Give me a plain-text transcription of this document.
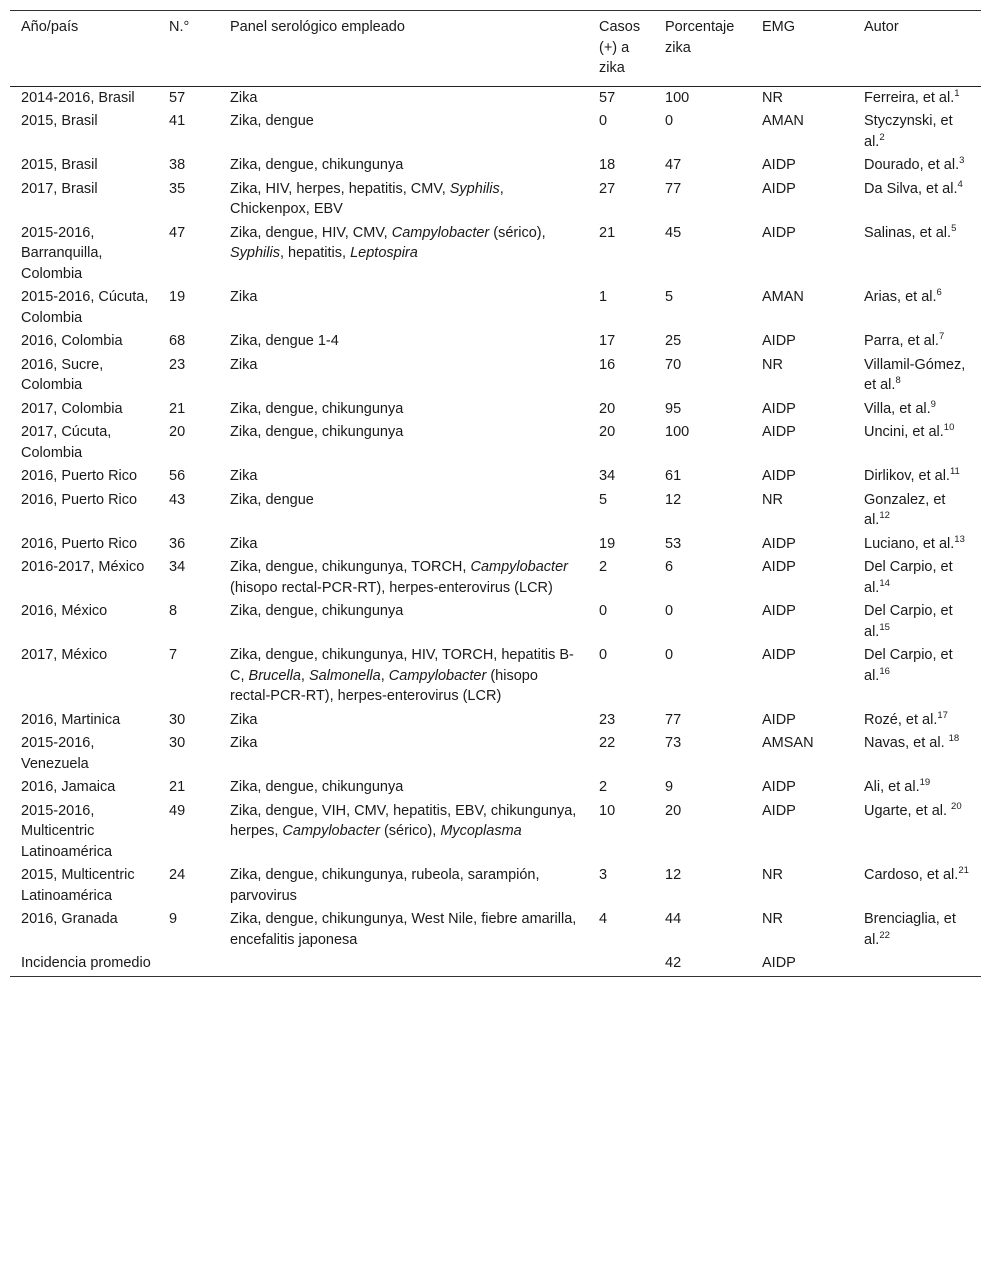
Año/país	N.°	Panel serológico empleado	Casos (+) a zika	Porcentaje zika	EMG	Autor
2014-2016, Brasil	57	Zika	57	100	NR	Ferreira, et al.$^1$
2015, Brasil	41	Zika, dengue	0	0	AMAN	Styczynski, et al.$^2$
2015, Brasil	38	Zika, dengue, chikungunya	18	47	AIDP	Dourado, et al.$^3$
2017, Brasil	35	Zika, HIV, herpes, hepatitis, CMV, Syphilis, Chickenpox, EBV	27	77	AIDP	Da Silva, et al.$^4$
2015-2016, Barranquilla, Colombia	47	Zika, dengue, HIV, CMV, Campylobacter (sérico), Syphilis, hepatitis, Leptospira	21	45	AIDP	Salinas, et al.$^5$
2015-2016, Cúcuta, Colombia	19	Zika	1	5	AMAN	Arias, et al.$^6$
2016, Colombia	68	Zika, dengue 1-4	17	25	AIDP	Parra, et al.$^7$
2016, Sucre, Colombia	23	Zika	16	70	NR	Villamil-Gómez, et al.$^8$
2017, Colombia	21	Zika, dengue, chikungunya	20	95	AIDP	Villa, et al.$^9$
2017, Cúcuta, Colombia	20	Zika, dengue, chikungunya	20	100	AIDP	Uncini, et al.$^{10}$
2016, Puerto Rico	56	Zika	34	61	AIDP	Dirlikov, et al.$^{11}$
2016, Puerto Rico	43	Zika, dengue	5	12	NR	Gonzalez, et al.$^{12}$
2016, Puerto Rico	36	Zika	19	53	AIDP	Luciano, et al.$^{13}$
2016-2017, México	34	Zika, dengue, chikungunya, TORCH, Campylobacter (hisopo rectal-PCR-RT), herpes-enterovirus (LCR)	2	6	AIDP	Del Carpio, et al.$^{14}$
2016, México	8	Zika, dengue, chikungunya	0	0	AIDP	Del Carpio, et al.$^{15}$
2017, México	7	Zika, dengue, chikungunya, HIV, TORCH, hepatitis B-C, Brucella, Salmonella, Campylobacter (hisopo rectal-PCR-RT), herpes-enterovirus (LCR)	0	0	AIDP	Del Carpio, et al.$^{16}$
2016, Martinica	30	Zika	23	77	AIDP	Rozé, et al.$^{17}$
2015-2016, Venezuela	30	Zika	22	73	AMSAN	Navas, et al. $^{18}$
2016, Jamaica	21	Zika, dengue, chikungunya	2	9	AIDP	Ali, et al.$^{19}$
2015-2016, Multicentric Latinoamérica	49	Zika, dengue, VIH, CMV, hepatitis, EBV, chikungunya, herpes, Campylobacter (sérico), Mycoplasma	10	20	AIDP	Ugarte, et al. $^{20}$
2015, Multicentric Latinoamérica	24	Zika, dengue, chikungunya, rubeola, sarampión, parvovirus	3	12	NR	Cardoso, et al.$^{21}$
2016, Granada	9	Zika, dengue, chikungunya, West Nile, fiebre amarilla, encefalitis japonesa	4	44	NR	Brenciaglia, et al.$^{22}$
Incidencia promedio				42	AIDP	
